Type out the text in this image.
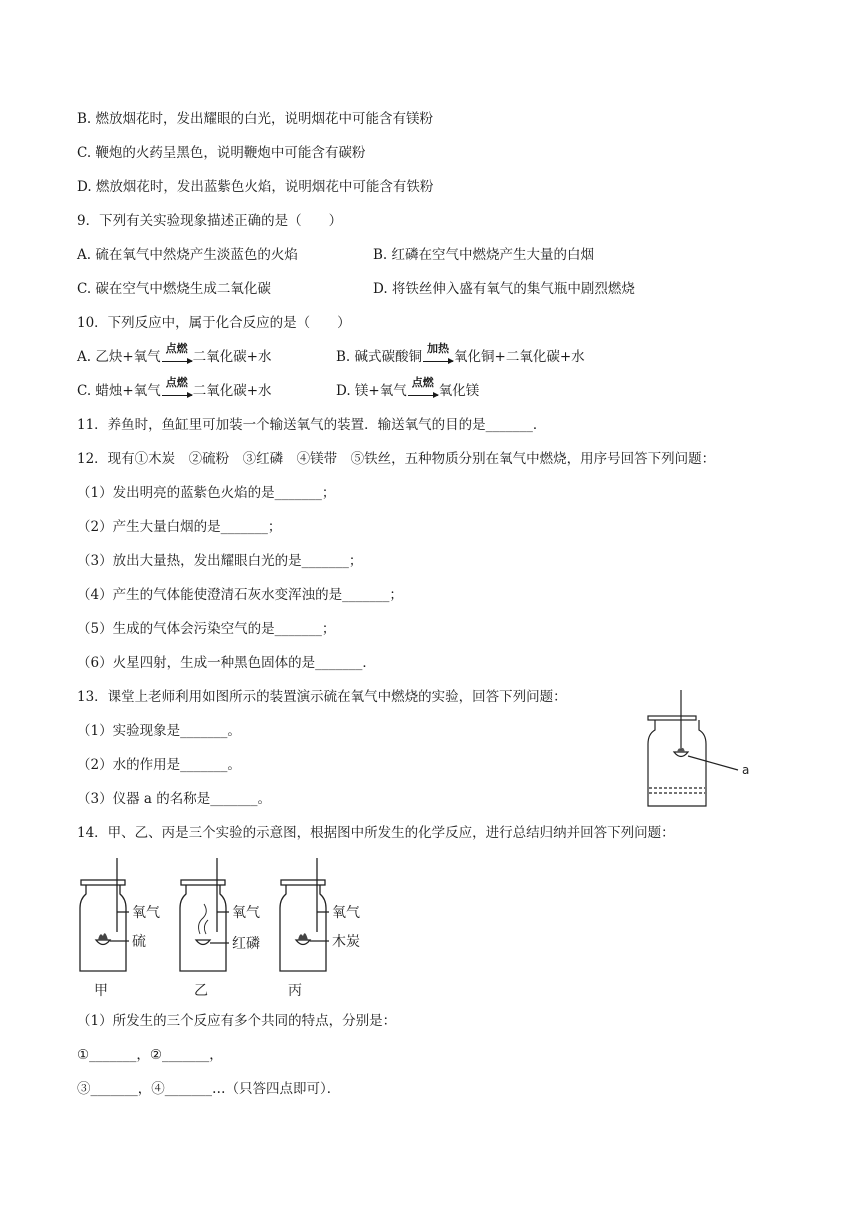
B. 燃放烟花时，发出耀眼的白光，说明烟花中可能含有镁粉
C. 鞭炮的火药呈黑色，说明鞭炮中可能含有碳粉
D. 燃放烟花时，发出蓝紫色火焰，说明烟花中可能含有铁粉
9．下列有关实验现象描述正确的是（　　）
A. 硫在氧气中然烧产生淡蓝色的火焰	B. 红磷在空气中燃烧产生大量的白烟
C. 碳在空气中燃烧生成二氧化碳	D. 将铁丝伸入盛有氧气的集气瓶中剧烈燃烧
10．下列反应中，属于化合反应的是（　　）
A. 乙炔+氧气
点燃
二氧化碳+水	B. 碱式碳酸铜
加热
氧化铜+二氧化碳+水
C. 蜡烛+氧气
点燃
二氧化碳+水	D. 镁+氧气
点燃
氧化镁
11．养鱼时，鱼缸里可加装一个输送氧气的装置．输送氧气的目的是_______．
12．现有①木炭　②硫粉　③红磷　④镁带　⑤铁丝，五种物质分别在氧气中燃烧，用序号回答下列问题：
（1）发出明亮的蓝紫色火焰的是_______；
（2）产生大量白烟的是_______；
（3）放出大量热，发出耀眼白光的是_______；
（4）产生的气体能使澄清石灰水变浑浊的是_______；
（5）生成的气体会污染空气的是_______；
（6）火星四射，生成一种黑色固体的是_______．
13．课堂上老师利用如图所示的装置演示硫在氧气中燃烧的实验，回答下列问题：
（1）实验现象是_______。
（2）水的作用是_______。
（3）仪器 a 的名称是_______。
a
14．甲、乙、丙是三个实验的示意图，根据图中所发生的化学反应，进行总结归纳并回答下列问题：
氧气
硫
氧气
红磷
氧气
木炭
甲	乙	丙
（1）所发生的三个反应有多个共同的特点，分别是：
①_______，②_______，
③_______，④_______…（只答四点即可）．
